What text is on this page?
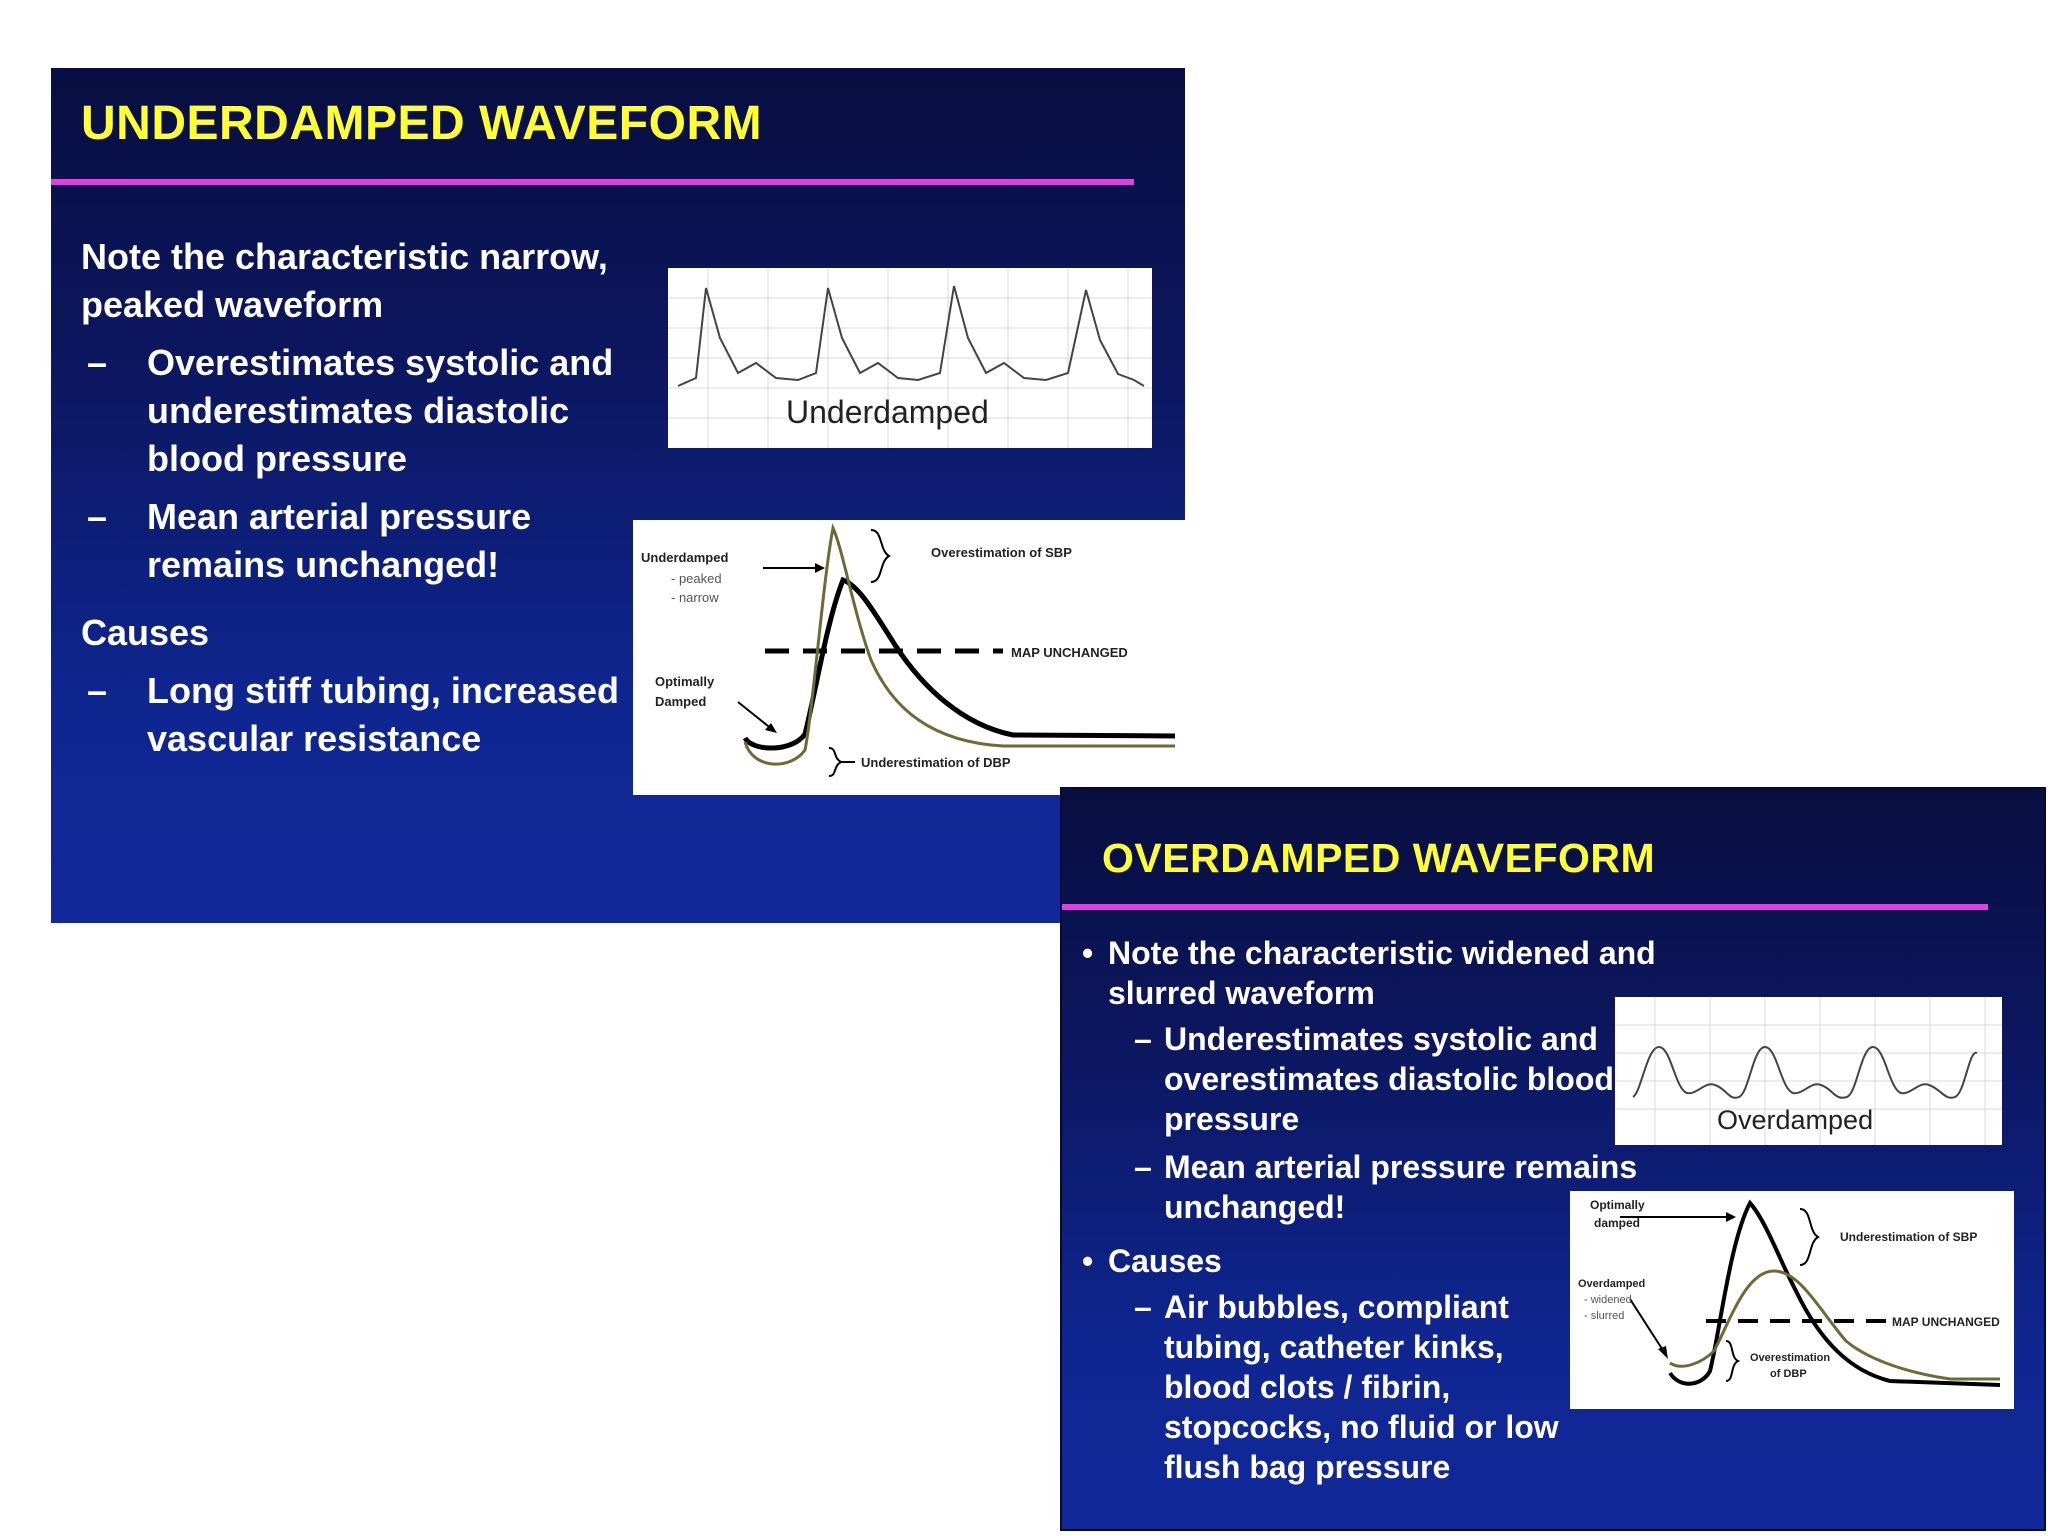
UNDERDAMPED WAVEFORM
• Note the characteristic narrow, peaked waveform
– Overestimates systolic and underestimates diastolic blood pressure
– Mean arterial pressure remains unchanged!
• Causes
– Long stiff tubing, increased vascular resistance
Underdamped
Underdamped
- peaked
- narrow
Optimally
Damped
Overestimation of SBP
MAP UNCHANGED
Underestimation of DBP
OVERDAMPED WAVEFORM
• Note the characteristic widened and slurred waveform
– Underestimates systolic and overestimates diastolic blood pressure
– Mean arterial pressure remains unchanged!
• Causes
– Air bubbles, compliant tubing, catheter kinks, blood clots / fibrin, stopcocks, no fluid or low flush bag pressure
Overdamped
Optimally
damped
Overdamped
- widened
- slurred
Underestimation of SBP
MAP UNCHANGED
Overestimation
of DBP
